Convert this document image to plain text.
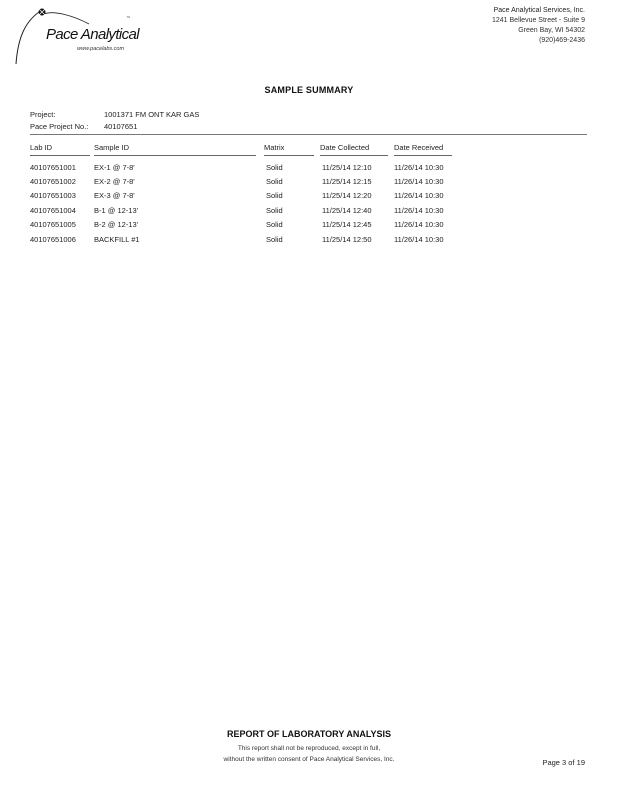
™
Pace Analytical
www.pacelabs.com
Pace Analytical Services, Inc.
1241 Bellevue Street - Suite 9
Green Bay, WI 54302
(920)469-2436
SAMPLE SUMMARY
Project:	1001371 FM ONT KAR GAS
Pace Project No.: 40107651
Lab ID	Sample ID	Matrix	Date Collected	Date Received
40107651001 EX-1 @ 7-8'	Solid	11/25/14 12:10	11/26/14 10:30
40107651002 EX-2 @ 7-8'	Solid	11/25/14 12:15	11/26/14 10:30
40107651003 EX-3 @ 7-8'	Solid	11/25/14 12:20	11/26/14 10:30
40107651004 B-1 @ 12-13'	Solid	11/25/14 12:40	11/26/14 10:30
40107651005 B-2 @ 12-13'	Solid	11/25/14 12:45	11/26/14 10:30
40107651006 BACKFILL #1	Solid	11/25/14 12:50	11/26/14 10:30
REPORT OF LABORATORY ANALYSIS
This report shall not be reproduced, except in full,
without the written consent of Pace Analytical Services, Inc.	Page 3 of 19
